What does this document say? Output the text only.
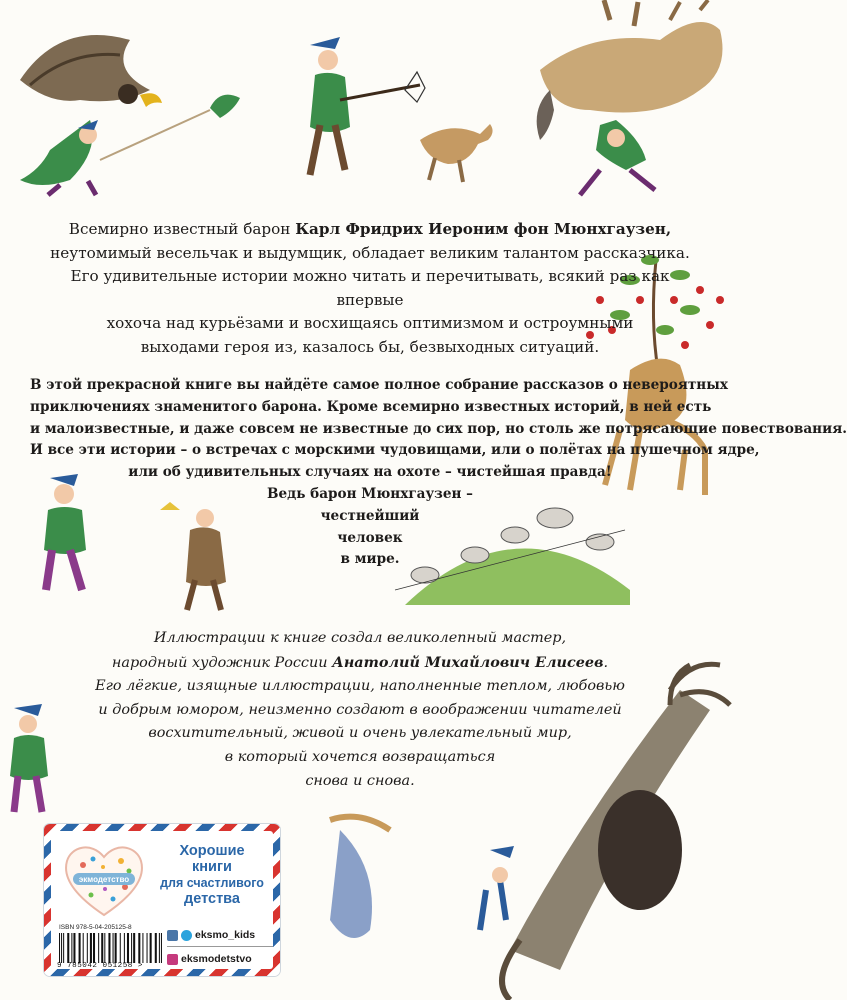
Всемирно известный барон Карл Фридрих Иероним фон Мюнхгаузен,
неутомимый весельчак и выдумщик, обладает великим талантом рассказчика.
Его удивительные истории можно читать и перечитывать, всякий раз как впервые
хохоча над курьёзами и восхищаясь оптимизмом и остроумными
выходами героя из, казалось бы, безвыходных ситуаций.
В этой прекрасной книге вы найдёте самое полное собрание рассказов о невероятных
приключениях знаменитого барона. Кроме всемирно известных историй, в ней есть
и малоизвестные, и даже совсем не известные до сих пор, но столь же потрясающие повествования.
И все эти истории – о встречах с морскими чудовищами, или о полётах на пушечном ядре,
или об удивительных случаях на охоте – чистейшая правда!
Ведь барон Мюнхгаузен –
честнейший
человек
в мире.
Иллюстрации к книге создал великолепный мастер,
народный художник России Анатолий Михайлович Елисеев.
Его лёгкие, изящные иллюстрации, наполненные теплом, любовью
и добрым юмором, неизменно создают в воображении читателей
восхитительный, живой и очень увлекательный мир,
в который хочется возвращаться
снова и снова.
экмодетство
Хорошие
книги
для счастливого
детства
ISBN 978-5-04-205125-8
9 785042 051258 >
eksmo_kids
eksmodetstvo
